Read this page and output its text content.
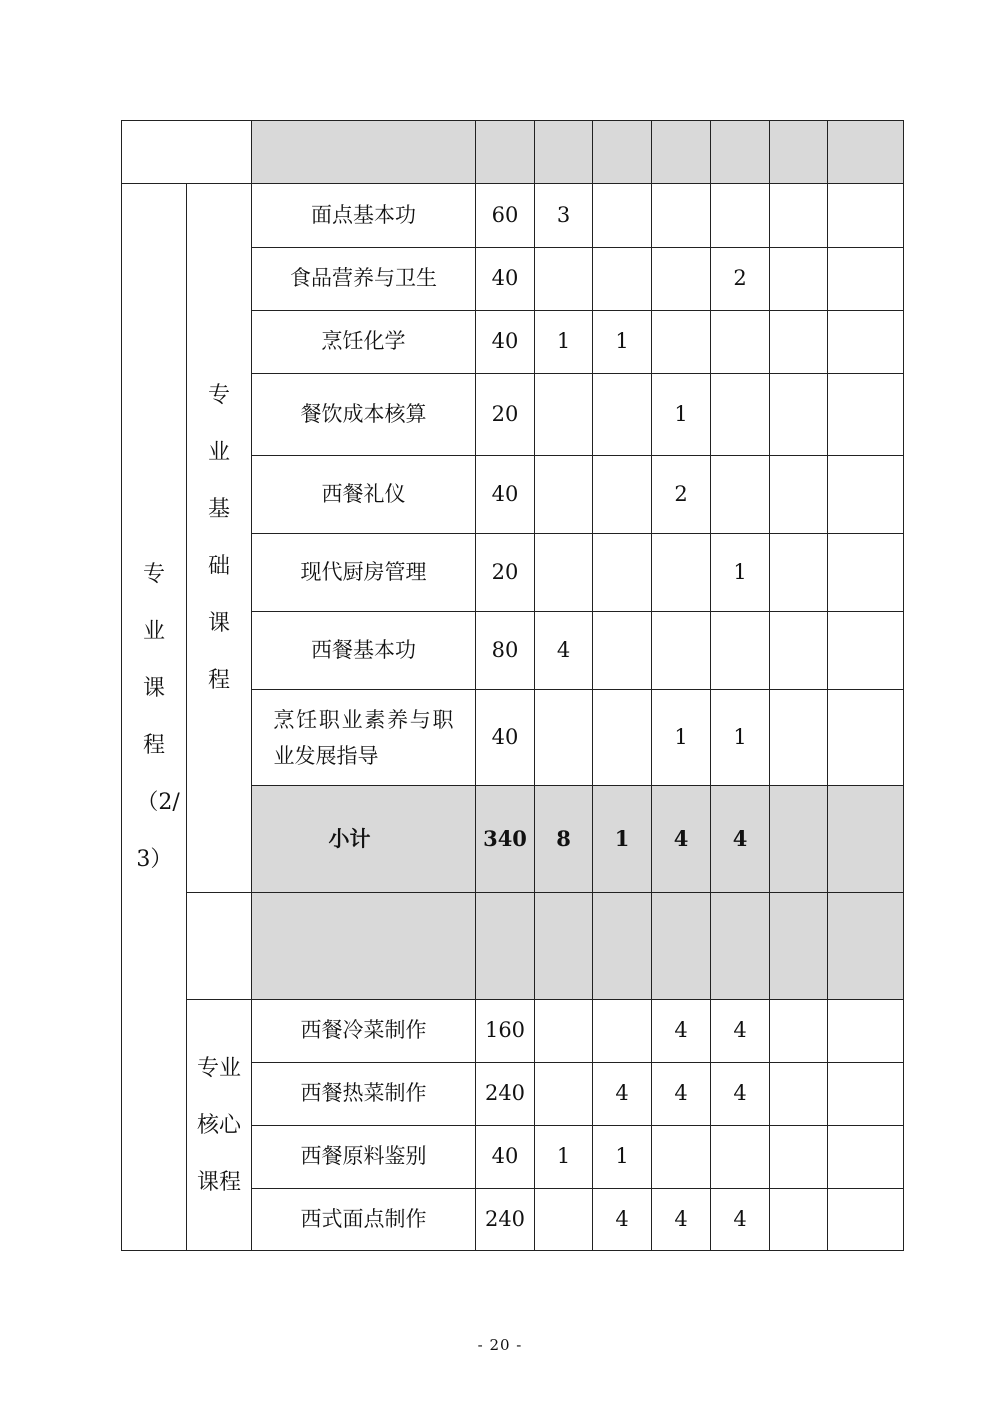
专业课程（2/3）	专业基础课程	面点基本功	60	3					
		食品营养与卫生	40				2		
		烹饪化学	40	1	1				
		餐饮成本核算	20			1			
		西餐礼仪	40			2			
		现代厨房管理	20				1		
		西餐基本功	80	4					

		烹饪职业素养与职业发展指导	40			1	1		
		小计	340	8	1	4	4		

	专业核心课程	西餐冷菜制作	160			4	4		
		西餐热菜制作	240		4	4	4		
		西餐原料鉴别	40	1	1				
		西式面点制作	240		4	4	4		
- 20 -
